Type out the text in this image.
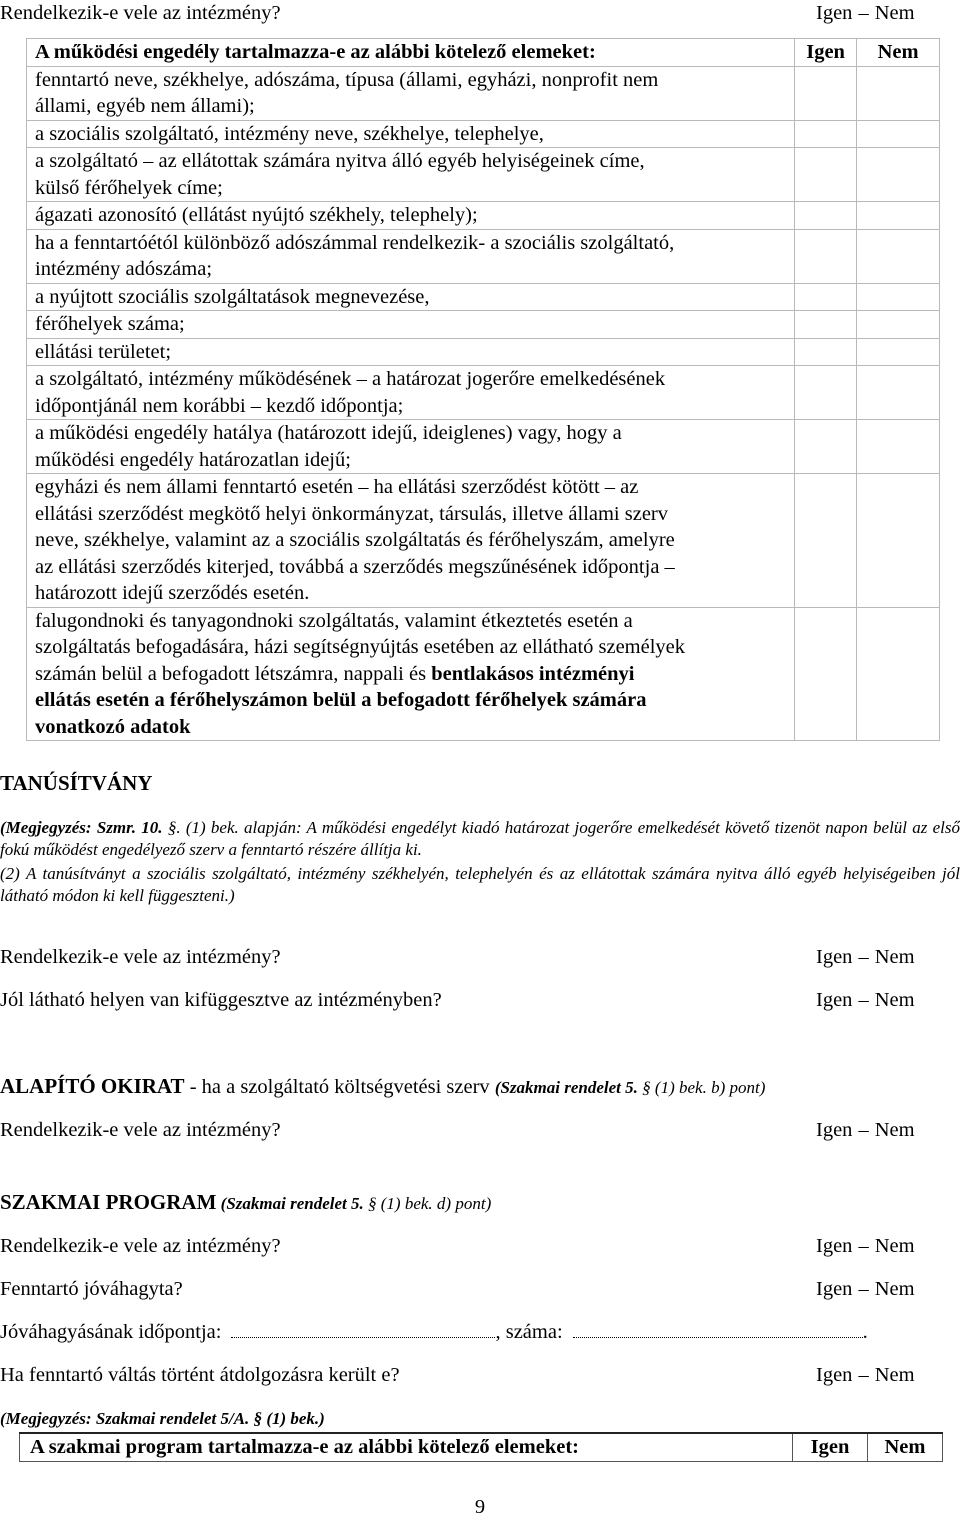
Rendelkezik-e vele az intézmény?	Igen – Nem
A működési engedély tartalmazza-e az alábbi kötelező elemeket:	Igen	Nem

fenntartó neve, székhelye, adószáma, típusa (állami, egyházi, nonprofit nem
állami, egyéb nem állami);		

a szociális szolgáltató, intézmény neve, székhelye, telephelye,		

a szolgáltató – az ellátottak számára nyitva álló egyéb helyiségeinek címe,
külső férőhelyek címe;		

ágazati azonosító (ellátást nyújtó székhely, telephely);		

ha a fenntartóétól különböző adószámmal rendelkezik- a szociális szolgáltató,
intézmény adószáma;		

a nyújtott szociális szolgáltatások megnevezése,		

férőhelyek száma;		

ellátási területet;		

a szolgáltató, intézmény működésének – a határozat jogerőre emelkedésének
időpontjánál nem korábbi – kezdő időpontja;		

a működési engedély hatálya (határozott idejű, ideiglenes) vagy, hogy a
működési engedély határozatlan idejű;		

egyházi és nem állami fenntartó esetén – ha ellátási szerződést kötött – az
ellátási szerződést megkötő helyi önkormányzat, társulás, illetve állami szerv
neve, székhelye, valamint az a szociális szolgáltatás és férőhelyszám, amelyre
az ellátási szerződés kiterjed, továbbá a szerződés megszűnésének időpontja –
határozott idejű szerződés esetén.		

falugondnoki és tanyagondnoki szolgáltatás, valamint étkeztetés esetén a
szolgáltatás befogadására, házi segítségnyújtás esetében az ellátható személyek
számán belül a befogadott létszámra, nappali és bentlakásos intézményi
ellátás esetén a férőhelyszámon belül a befogadott férőhelyek számára
vonatkozó adatok		

TANÚSÍTVÁNY
(Megjegyzés: Szmr. 10. §. (1) bek. alapján: A működési engedélyt kiadó határozat jogerőre emelkedését követő tizenöt napon belül az első fokú működést engedélyező szerv a fenntartó részére állítja ki.
(2) A tanúsítványt a szociális szolgáltató, intézmény székhelyén, telephelyén és az ellátottak számára nyitva álló egyéb helyiségeiben jól látható módon ki kell függeszteni.)
Rendelkezik-e vele az intézmény?	Igen – Nem
Jól látható helyen van kifüggesztve az intézményben?	Igen – Nem
ALAPÍTÓ OKIRAT - ha a szolgáltató költségvetési szerv (Szakmai rendelet 5. § (1) bek. b) pont)
Rendelkezik-e vele az intézmény?	Igen – Nem
SZAKMAI PROGRAM (Szakmai rendelet 5. § (1) bek. d) pont)
Rendelkezik-e vele az intézmény?	Igen – Nem
Fenntartó jóváhagyta?	Igen – Nem
Jóváhagyásának időpontja:	, száma:	.
Ha fenntartó váltás történt átdolgozásra került e?	Igen – Nem
(Megjegyzés: Szakmai rendelet 5/A. § (1) bek.)
A szakmai program tartalmazza-e az alábbi kötelező elemeket:	Igen	Nem
9
